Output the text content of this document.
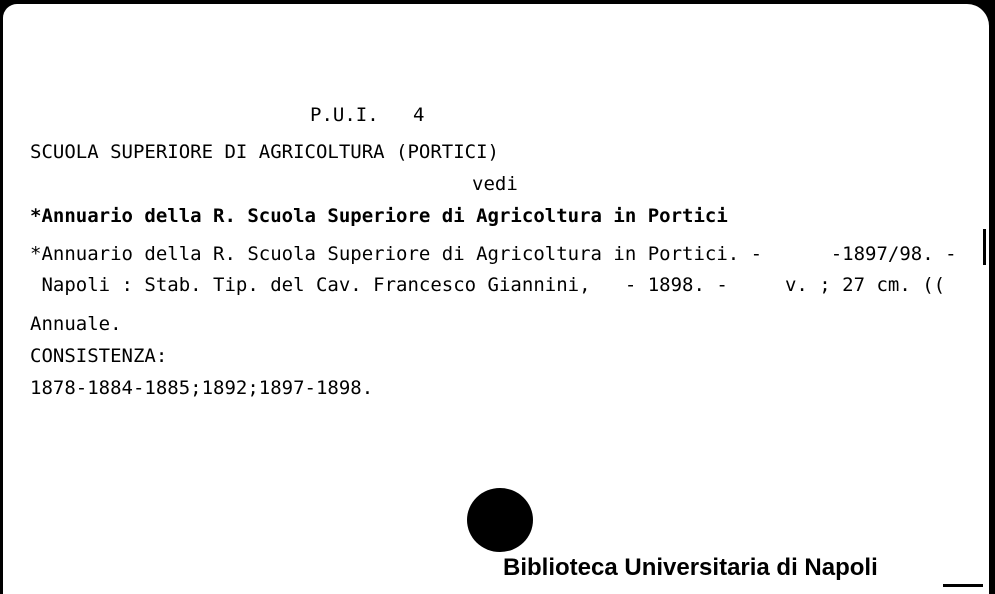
P.U.I.   4
SCUOLA SUPERIORE DI AGRICOLTURA (PORTICI)
vedi
*Annuario della R. Scuola Superiore di Agricoltura in Portici
*Annuario della R. Scuola Superiore di Agricoltura in Portici. -      -1897/98. -
Napoli : Stab. Tip. del Cav. Francesco Giannini,   - 1898. -     v. ; 27 cm. ((
Annuale.
CONSISTENZA:
1878-1884-1885;1892;1897-1898.
Biblioteca Universitaria di Napoli
